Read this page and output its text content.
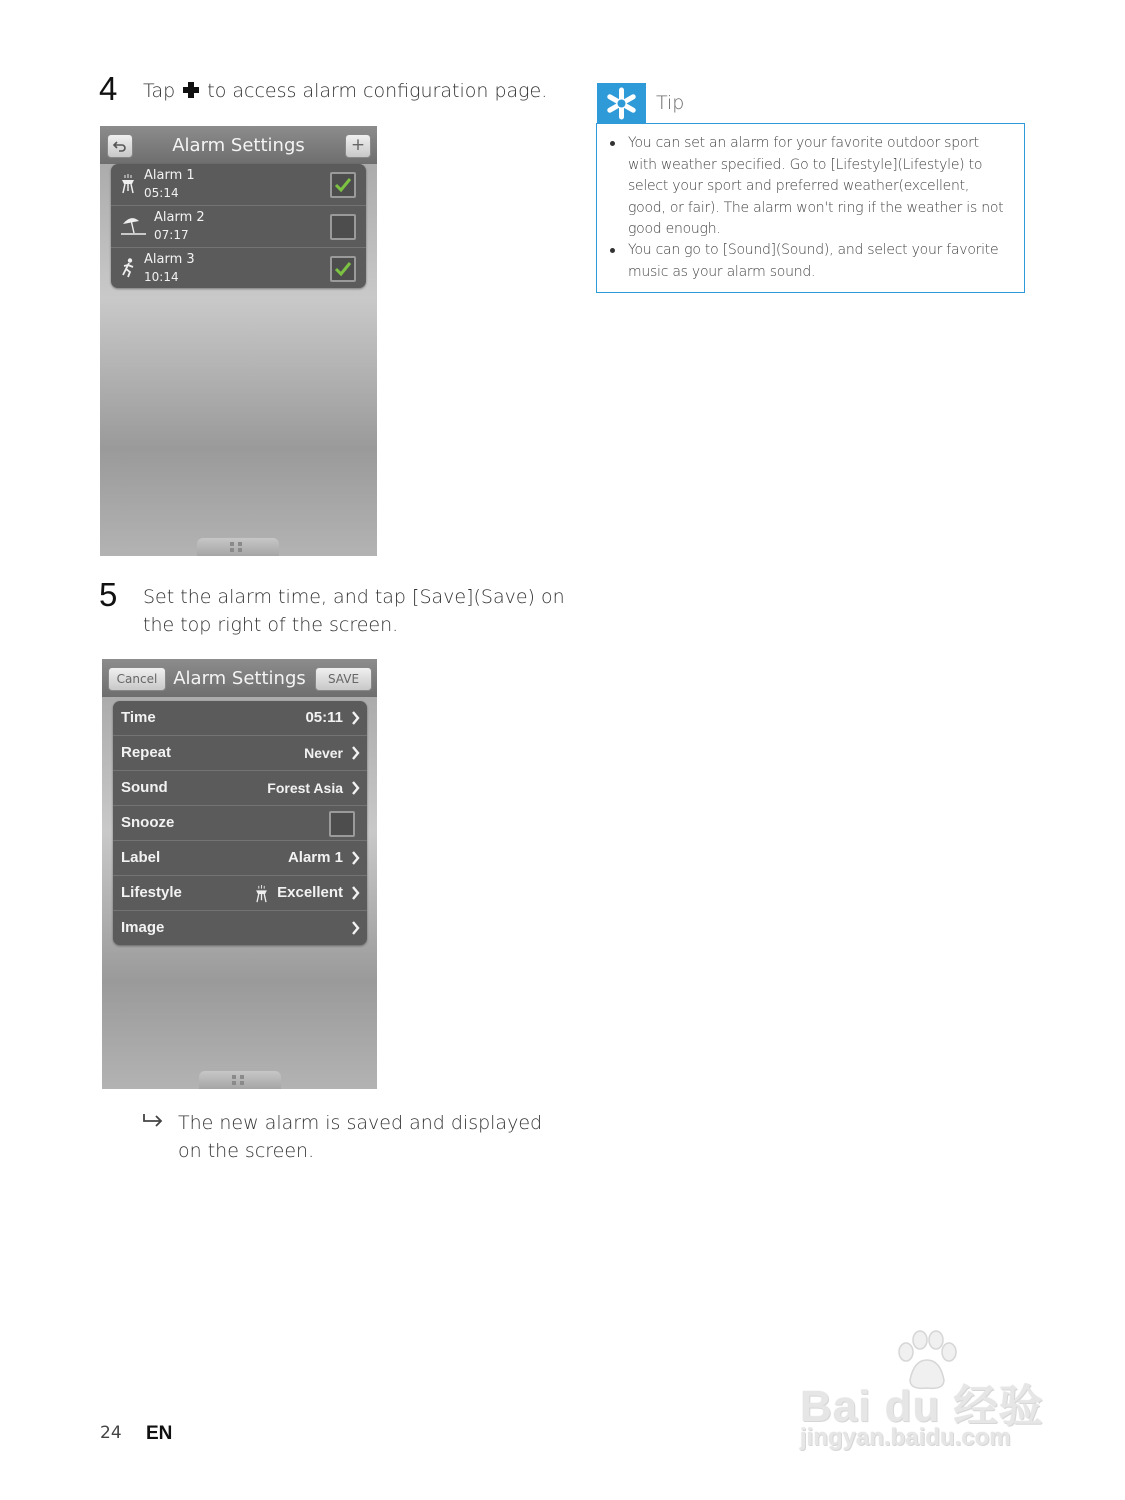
4 Tap to access alarm configuration page.
Alarm Settings	+
Alarm 1
05:14
Alarm 2
07:17
Alarm 3
10:14
5 Set the alarm time, and tap [Save](Save) on
the top right of the screen.
Alarm Settings
Cancel	SAVE
Time	05:11
Repeat	Never
Sound	Forest Asia
Snooze
Label	Alarm 1
Lifestyle	Excellent
Image
The new alarm is saved and displayed
on the screen.
Tip
You can set an alarm for your favorite outdoor sport
with weather specified. Go to [Lifestyle](Lifestyle) to
select your sport and preferred weather(excellent,
good, or fair). The alarm won't ring if the weather is not
good enough.
You can go to [Sound](Sound), and select your favorite
music as your alarm sound.
24 EN
Bai du 经验
jingyan.baidu.com
